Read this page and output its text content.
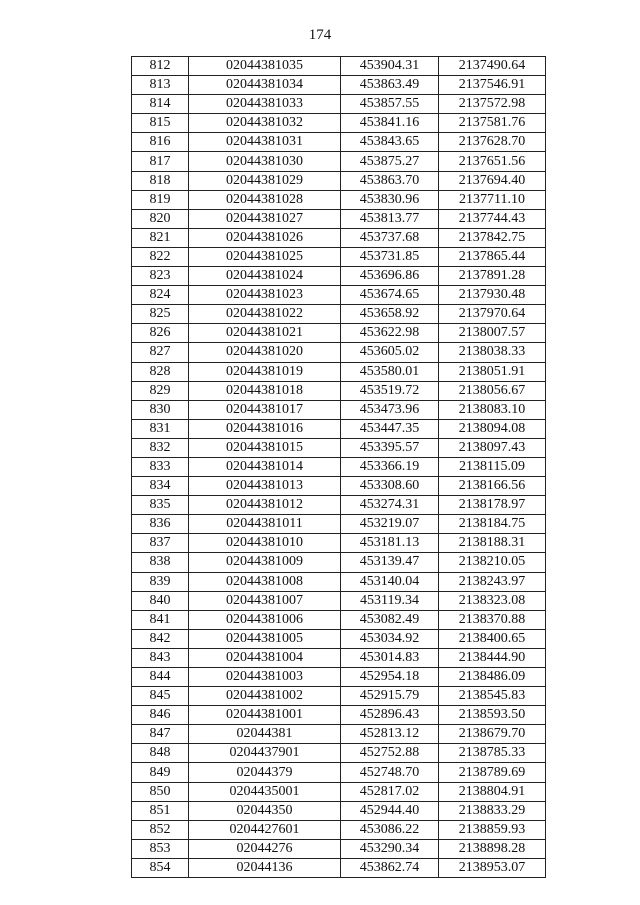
174
812	02044381035	453904.31	2137490.64
813	02044381034	453863.49	2137546.91
814	02044381033	453857.55	2137572.98
815	02044381032	453841.16	2137581.76
816	02044381031	453843.65	2137628.70
817	02044381030	453875.27	2137651.56
818	02044381029	453863.70	2137694.40
819	02044381028	453830.96	2137711.10
820	02044381027	453813.77	2137744.43
821	02044381026	453737.68	2137842.75
822	02044381025	453731.85	2137865.44
823	02044381024	453696.86	2137891.28
824	02044381023	453674.65	2137930.48
825	02044381022	453658.92	2137970.64
826	02044381021	453622.98	2138007.57
827	02044381020	453605.02	2138038.33
828	02044381019	453580.01	2138051.91
829	02044381018	453519.72	2138056.67
830	02044381017	453473.96	2138083.10
831	02044381016	453447.35	2138094.08
832	02044381015	453395.57	2138097.43
833	02044381014	453366.19	2138115.09
834	02044381013	453308.60	2138166.56
835	02044381012	453274.31	2138178.97
836	02044381011	453219.07	2138184.75
837	02044381010	453181.13	2138188.31
838	02044381009	453139.47	2138210.05
839	02044381008	453140.04	2138243.97
840	02044381007	453119.34	2138323.08
841	02044381006	453082.49	2138370.88
842	02044381005	453034.92	2138400.65
843	02044381004	453014.83	2138444.90
844	02044381003	452954.18	2138486.09
845	02044381002	452915.79	2138545.83
846	02044381001	452896.43	2138593.50
847	02044381	452813.12	2138679.70
848	0204437901	452752.88	2138785.33
849	02044379	452748.70	2138789.69
850	0204435001	452817.02	2138804.91
851	02044350	452944.40	2138833.29
852	0204427601	453086.22	2138859.93
853	02044276	453290.34	2138898.28
854	02044136	453862.74	2138953.07
